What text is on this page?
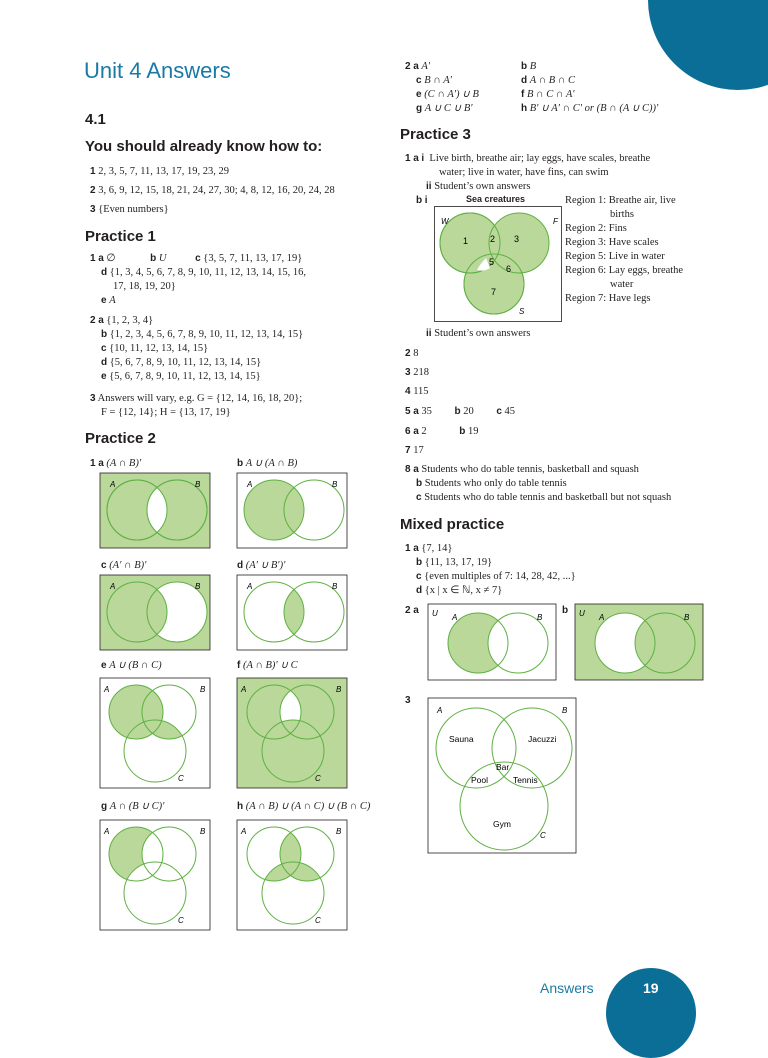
Unit 4 Answers
4.1
You should already know how to:
1 2, 3, 5, 7, 11, 13, 17, 19, 23, 29
2 3, 6, 9, 12, 15, 18, 21, 24, 27, 30; 4, 8, 12, 16, 20, 24, 28
3 {Even numbers}
Practice 1
1 a ∅	b U	c {3, 5, 7, 11, 13, 17, 19}
d {1, 3, 4, 5, 6, 7, 8, 9, 10, 11, 12, 13, 14, 15, 16,
17, 18, 19, 20}
e A
2 a {1, 2, 3, 4}
b {1, 2, 3, 4, 5, 6, 7, 8, 9, 10, 11, 12, 13, 14, 15}
c {10, 11, 12, 13, 14, 15}
d {5, 6, 7, 8, 9, 10, 11, 12, 13, 14, 15}
e {5, 6, 7, 8, 9, 10, 11, 12, 13, 14, 15}
3 Answers will vary, e.g. G = {12, 14, 16, 18, 20};
F = {12, 14}; H = {13, 17, 19}
Practice 2
1 a (A ∩ B)′	b A ∪ (A ∩ B)
c (A′ ∩ B)′	d (A′ ∪ B′)′
e A ∪ (B ∩ C)	f (A ∩ B)′ ∪ C
g A ∩ (B ∪ C)′	h (A ∩ B) ∪ (A ∩ C) ∪ (B ∩ C)
A	B	A	B
A	B	A	B
A	B
C
A	B
C
A	B
C
A	B
C
2 a A′	b B
c B ∩ A′	d A ∩ B ∩ C
e (C ∩ A′) ∪ B	f B ∩ C ∩ A′
g A ∪ C ∪ B′	h B′ ∪ A′ ∩ C′ or (B ∩ (A ∪ C))′
Practice 3
1 a i Live birth, breathe air; lay eggs, have scales, breathe
water; live in water, have fins, can swim
ii Student’s own answers
b i	Sea creatures
W	F
S
1 2 3
5
6
7
Region 1: Breathe air, live
births
Region 2: Fins
Region 3: Have scales
Region 5: Live in water
Region 6: Lay eggs, breathe
water
Region 7: Have legs
ii Student’s own answers
2 8
3 218
4 115
5 a 35 b 20 c 45
6 a 2	b 19
7 17
8 a Students who do table tennis, basketball and squash
b Students who only do table tennis
c Students who do table tennis and basketball but not squash
Mixed practice
1 a {7, 14}
b {11, 13, 17, 19}
c {even multiples of 7: 14, 28, 42, ...}
d {x | x ∈ ℕ, x ≠ 7}
2 a	b
3
U A	B	U A	B
A	B
C
Sauna	Jacuzzi
Bar
Pool	Tennis
Gym
Answers	19
